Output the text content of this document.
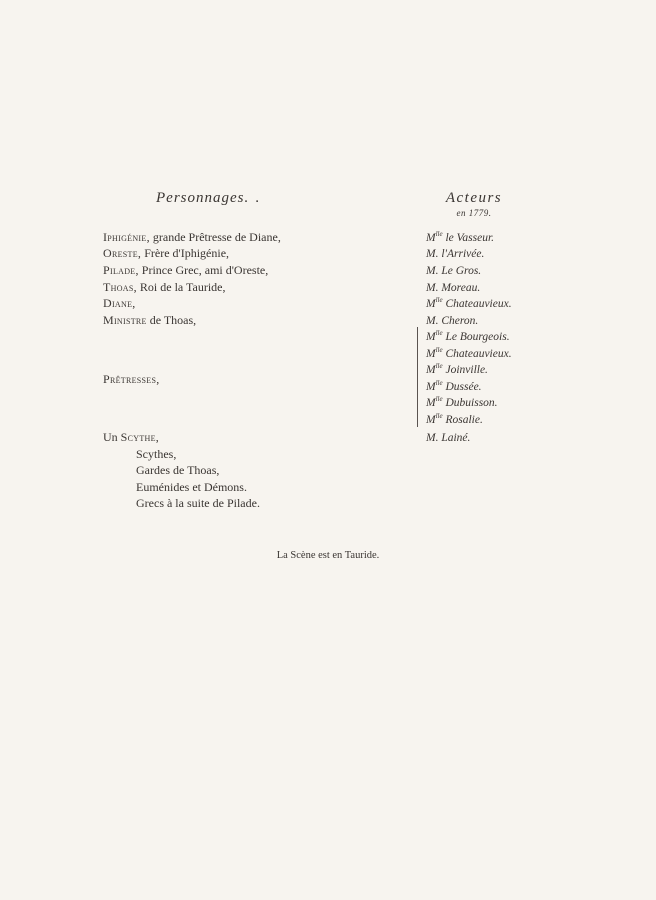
Personnages. .	Acteurs
en 1779.
Iphigénie, grande Prêtresse de Diane,
Oreste, Frère d'Iphigénie,
Pilade, Prince Grec, ami d'Oreste,
Thoas, Roi de la Tauride,
Diane,
Ministre de Thoas,
Prêtresses,
Un Scythe,
Scythes,
Gardes de Thoas,
Euménides et Démons.
Grecs à la suite de Pilade.
$M^{lle}$ le Vasseur.
M. l'Arrivée.
M. Le Gros.
M. Moreau.
$M^{lle}$ Chateauvieux.
M. Cheron.
$M^{lle}$ Le Bourgeois.
$M^{lle}$ Chateauvieux.
$M^{lle}$ Joinville.
$M^{lle}$ Dussée.
$M^{lle}$ Dubuisson.
$M^{lle}$ Rosalie.
M. Lainé.
La Scène est en Tauride.
